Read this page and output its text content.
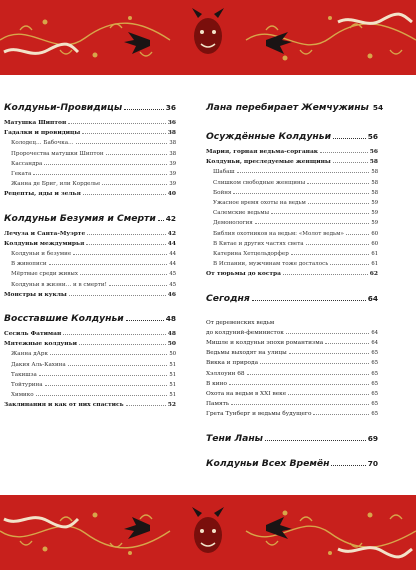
Колдуньи-Провидицы	36
Матушка Шиптон	36
Гадалки и провидицы	38
Колодец… Бабочка…	38
Пророчества матушки Шиптон	38
Кассандра	39
Геката	39
Жанна де Бриг, или Корделье	39
Рецепты, яды и зелья	40
Колдуньи Безумия и Смерти 42
Лечуза и Санта-Муэрте	42
Колдуньи междумирья	44
Колдуньи и безумие	44
В живописи	44
Мёртвые среди живых	45
Колдуньи в жизни… и в смерти!	45
Монстры и куклы	46
Восставшие Колдуньи	48
Сесиль Фатиман	48
Мятежные колдуньи	50
Жанна дАрк	50
Дакия Аль-Кахина	51
Такишза	51
Тойтурина	51
Химико	51
Заклинания и как от них спастись	52
Лана перебирает Жемчужины 54
Осуждённые Колдуньи	56
Мария, горная ведьма-сорганак	56
Колдуньи, преследуемые женщины	58
Шабаш	58
Слишком свободные женщины	58
Бойня	58
Ужасное время охоты на ведьм	59
Салемские ведьмы	59
Демонология	59
Библия охотников на ведьм: «Молот ведьм»	60
В Китае и других частях света	60
Катерина Хетцельдорфер	61
В Испании, мужчинам тоже досталось	61
От тюрьмы до костра	62
Сегодня	64
От деревенских ведьм
до колдуний-феминисток	64
Мишле и колдуньи эпохи романтизма	64
Ведьмы выходят на улицы	65
Викка и природа	65
Хэллоуин 68	65
В кино	65
Охота на ведьм в XXI веке	65
Память	65
Грета Тунберг и ведьмы будущего	65
Тени Ланы	69
Колдуньи Всех Времён	70
